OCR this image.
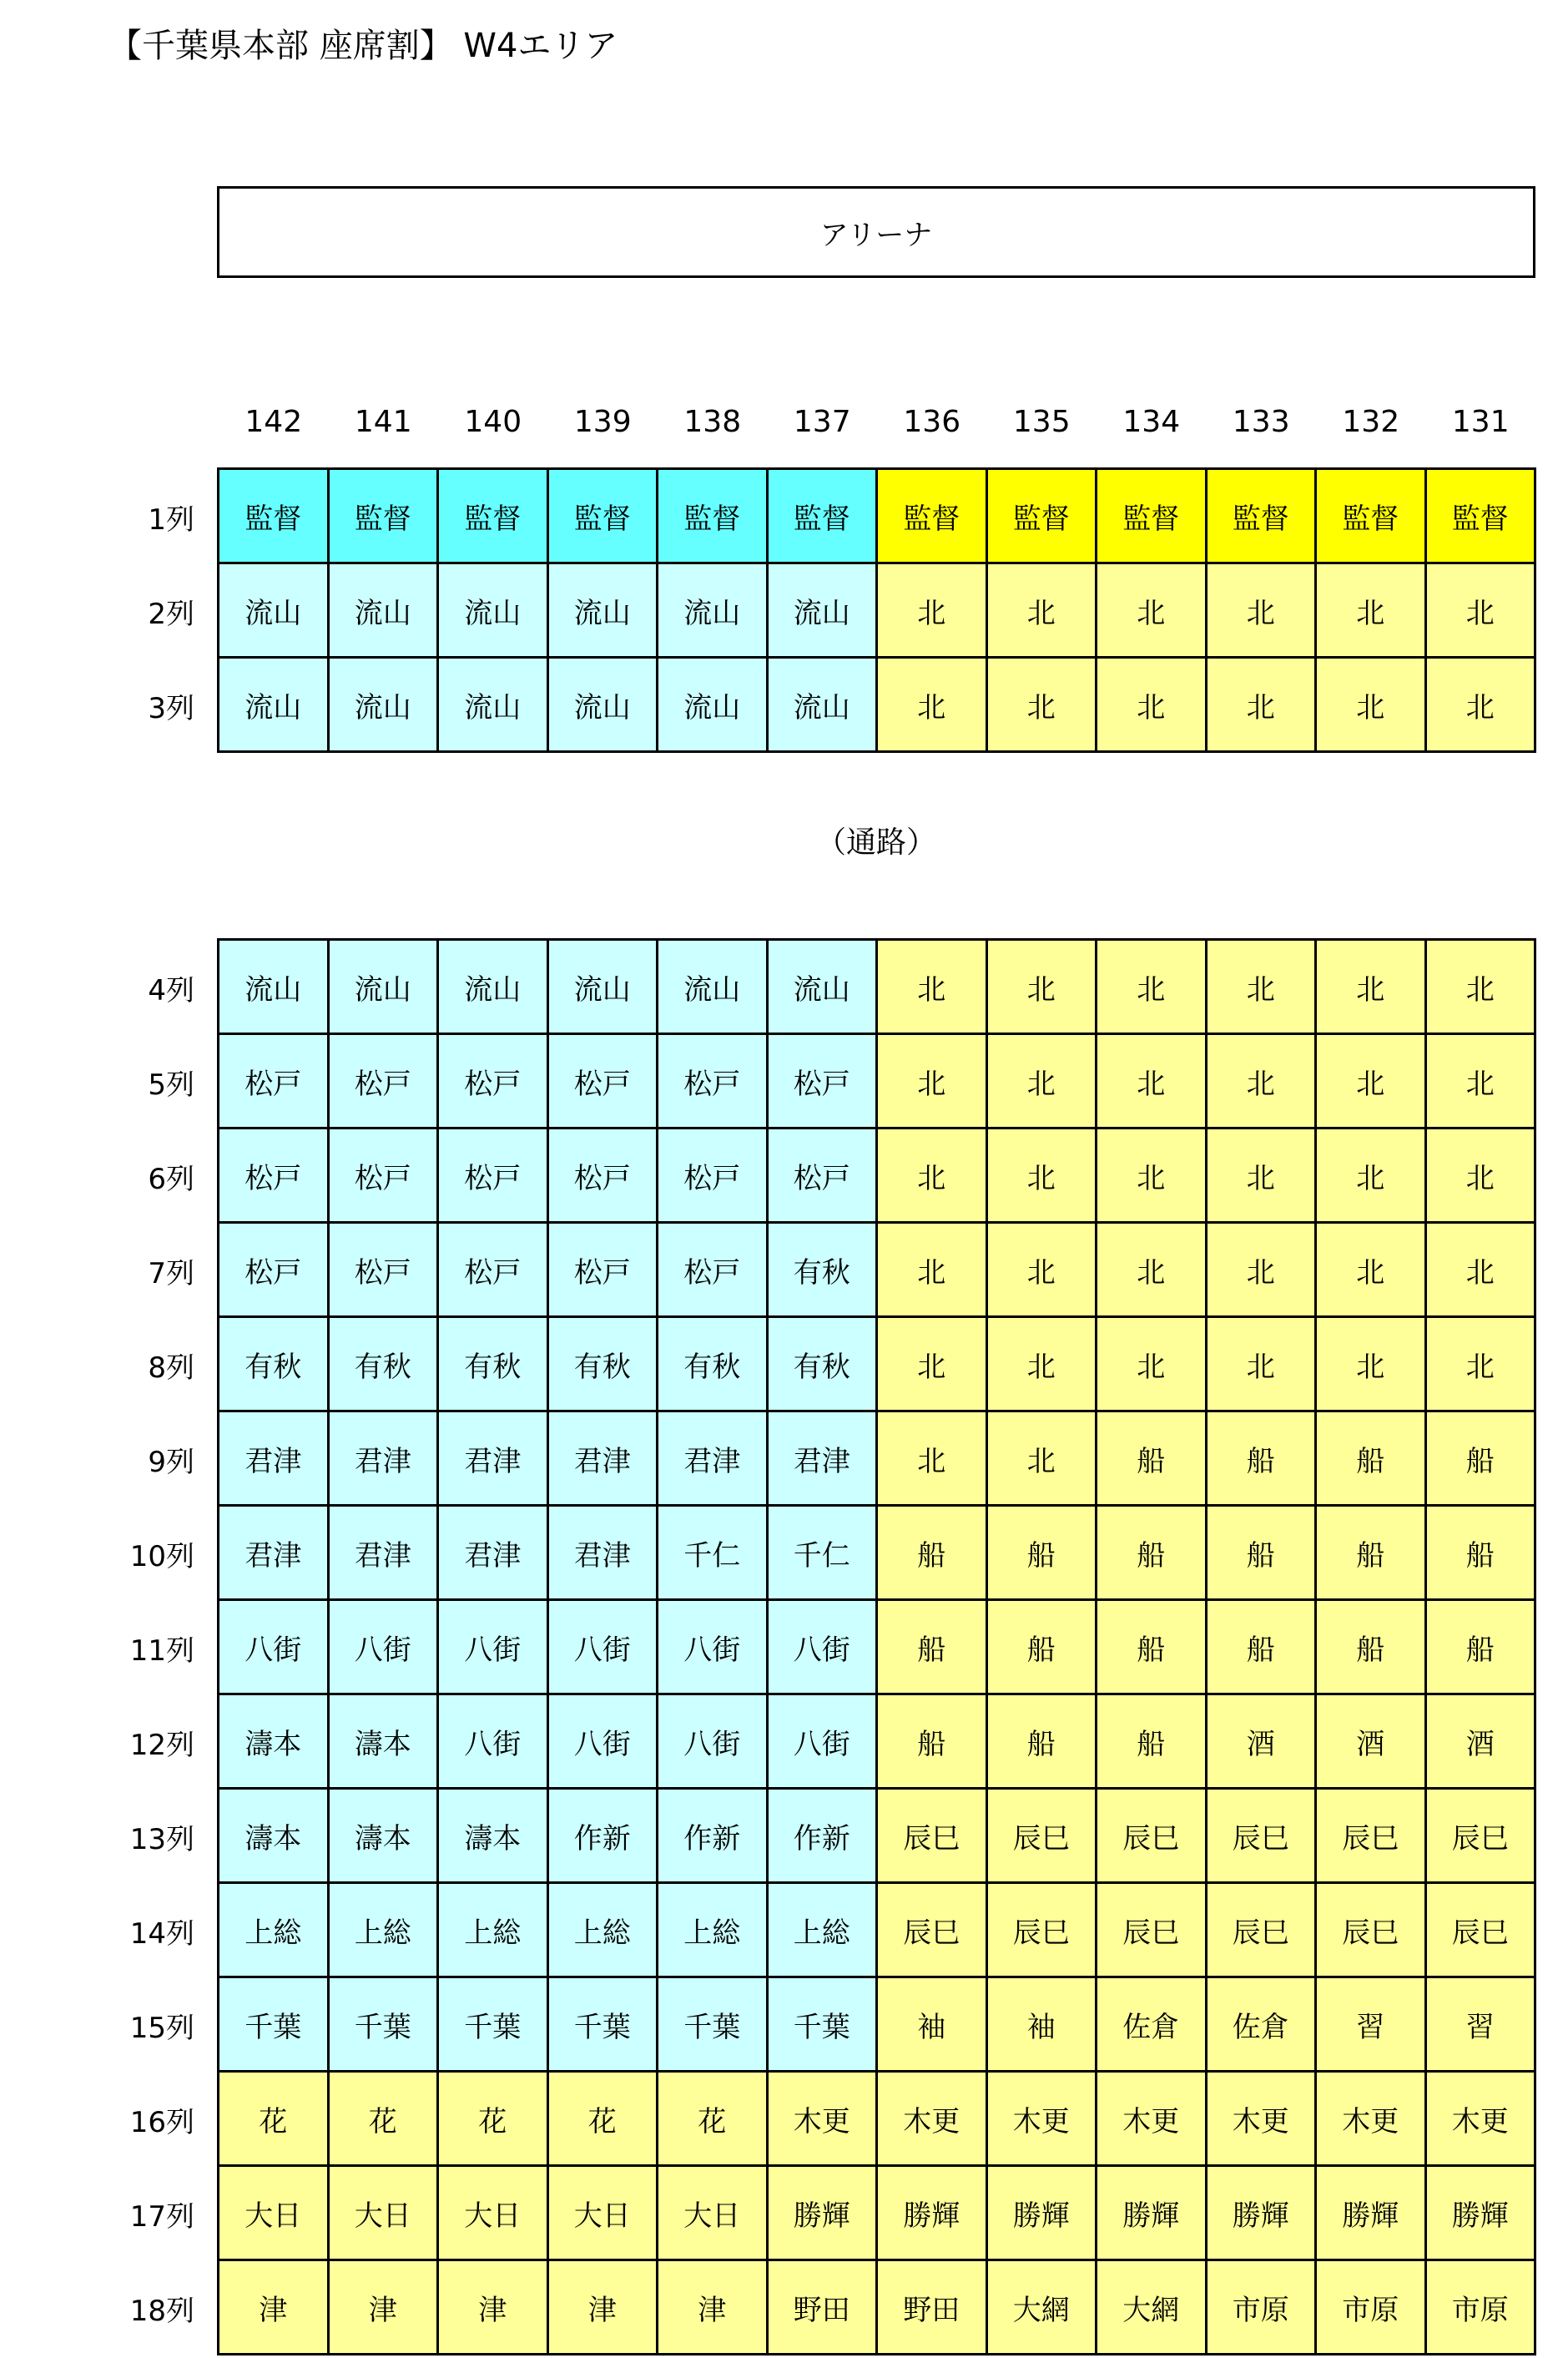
【千葉県本部 座席割】 W4エリア
アリーナ
142	141	140	139	138	137	136	135	134	133	132	131
1列	監督	監督	監督	監督	監督	監督	監督	監督	監督	監督	監督	監督
2列	流山	流山	流山	流山	流山	流山	北	北	北	北	北	北
3列	流山	流山	流山	流山	流山	流山	北	北	北	北	北	北
（通路）
4列	流山	流山	流山	流山	流山	流山	北	北	北	北	北	北
5列	松戸	松戸	松戸	松戸	松戸	松戸	北	北	北	北	北	北
6列	松戸	松戸	松戸	松戸	松戸	松戸	北	北	北	北	北	北
7列	松戸	松戸	松戸	松戸	松戸	有秋	北	北	北	北	北	北
8列	有秋	有秋	有秋	有秋	有秋	有秋	北	北	北	北	北	北
9列	君津	君津	君津	君津	君津	君津	北	北	船	船	船	船
10列	君津	君津	君津	君津	千仁	千仁	船	船	船	船	船	船
11列	八街	八街	八街	八街	八街	八街	船	船	船	船	船	船
12列	濤本	濤本	八街	八街	八街	八街	船	船	船	酒	酒	酒
13列	濤本	濤本	濤本	作新	作新	作新	辰巳	辰巳	辰巳	辰巳	辰巳	辰巳
14列	上総	上総	上総	上総	上総	上総	辰巳	辰巳	辰巳	辰巳	辰巳	辰巳
15列	千葉	千葉	千葉	千葉	千葉	千葉	袖	袖	佐倉	佐倉	習	習
16列	花	花	花	花	花	木更	木更	木更	木更	木更	木更	木更
17列	大日	大日	大日	大日	大日	勝輝	勝輝	勝輝	勝輝	勝輝	勝輝	勝輝
18列	津	津	津	津	津	野田	野田	大網	大網	市原	市原	市原
